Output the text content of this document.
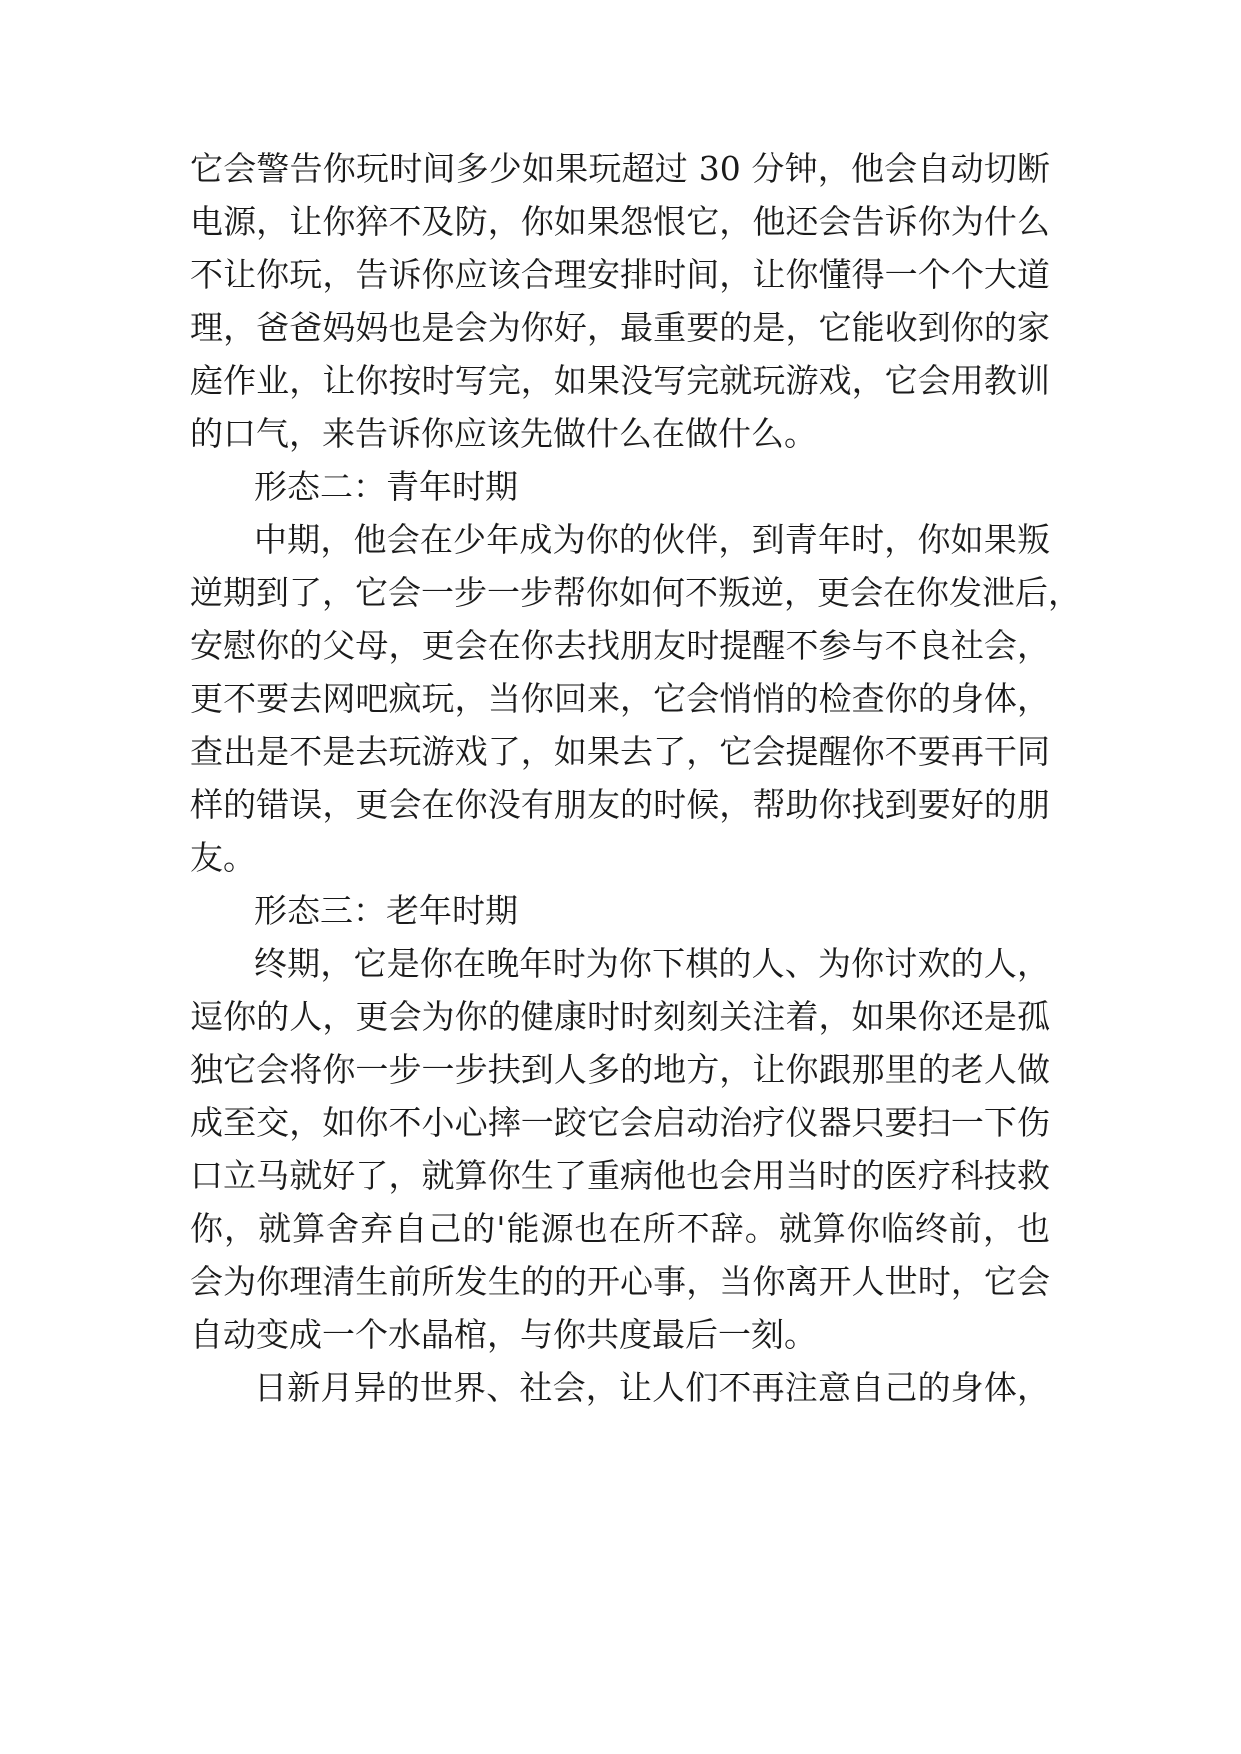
它会警告你玩时间多少如果玩超过 30 分钟，他会自动切断
电源，让你猝不及防，你如果怨恨它，他还会告诉你为什么
不让你玩，告诉你应该合理安排时间，让你懂得一个个大道
理，爸爸妈妈也是会为你好，最重要的是，它能收到你的家
庭作业，让你按时写完，如果没写完就玩游戏，它会用教训
的口气，来告诉你应该先做什么在做什么。
形态二：青年时期
中期，他会在少年成为你的伙伴，到青年时，你如果叛
逆期到了，它会一步一步帮你如何不叛逆，更会在你发泄后，
安慰你的父母，更会在你去找朋友时提醒不参与不良社会，
更不要去网吧疯玩，当你回来，它会悄悄的检查你的身体，
查出是不是去玩游戏了，如果去了，它会提醒你不要再干同
样的错误，更会在你没有朋友的时候，帮助你找到要好的朋
友。
形态三：老年时期
终期，它是你在晚年时为你下棋的人、为你讨欢的人，
逗你的人，更会为你的健康时时刻刻关注着，如果你还是孤
独它会将你一步一步扶到人多的地方，让你跟那里的老人做
成至交，如你不小心摔一跤它会启动治疗仪器只要扫一下伤
口立马就好了，就算你生了重病他也会用当时的医疗科技救
你，就算舍弃自己的'能源也在所不辞。就算你临终前，也
会为你理清生前所发生的的开心事，当你离开人世时，它会
自动变成一个水晶棺，与你共度最后一刻。
日新月异的世界、社会，让人们不再注意自己的身体，
